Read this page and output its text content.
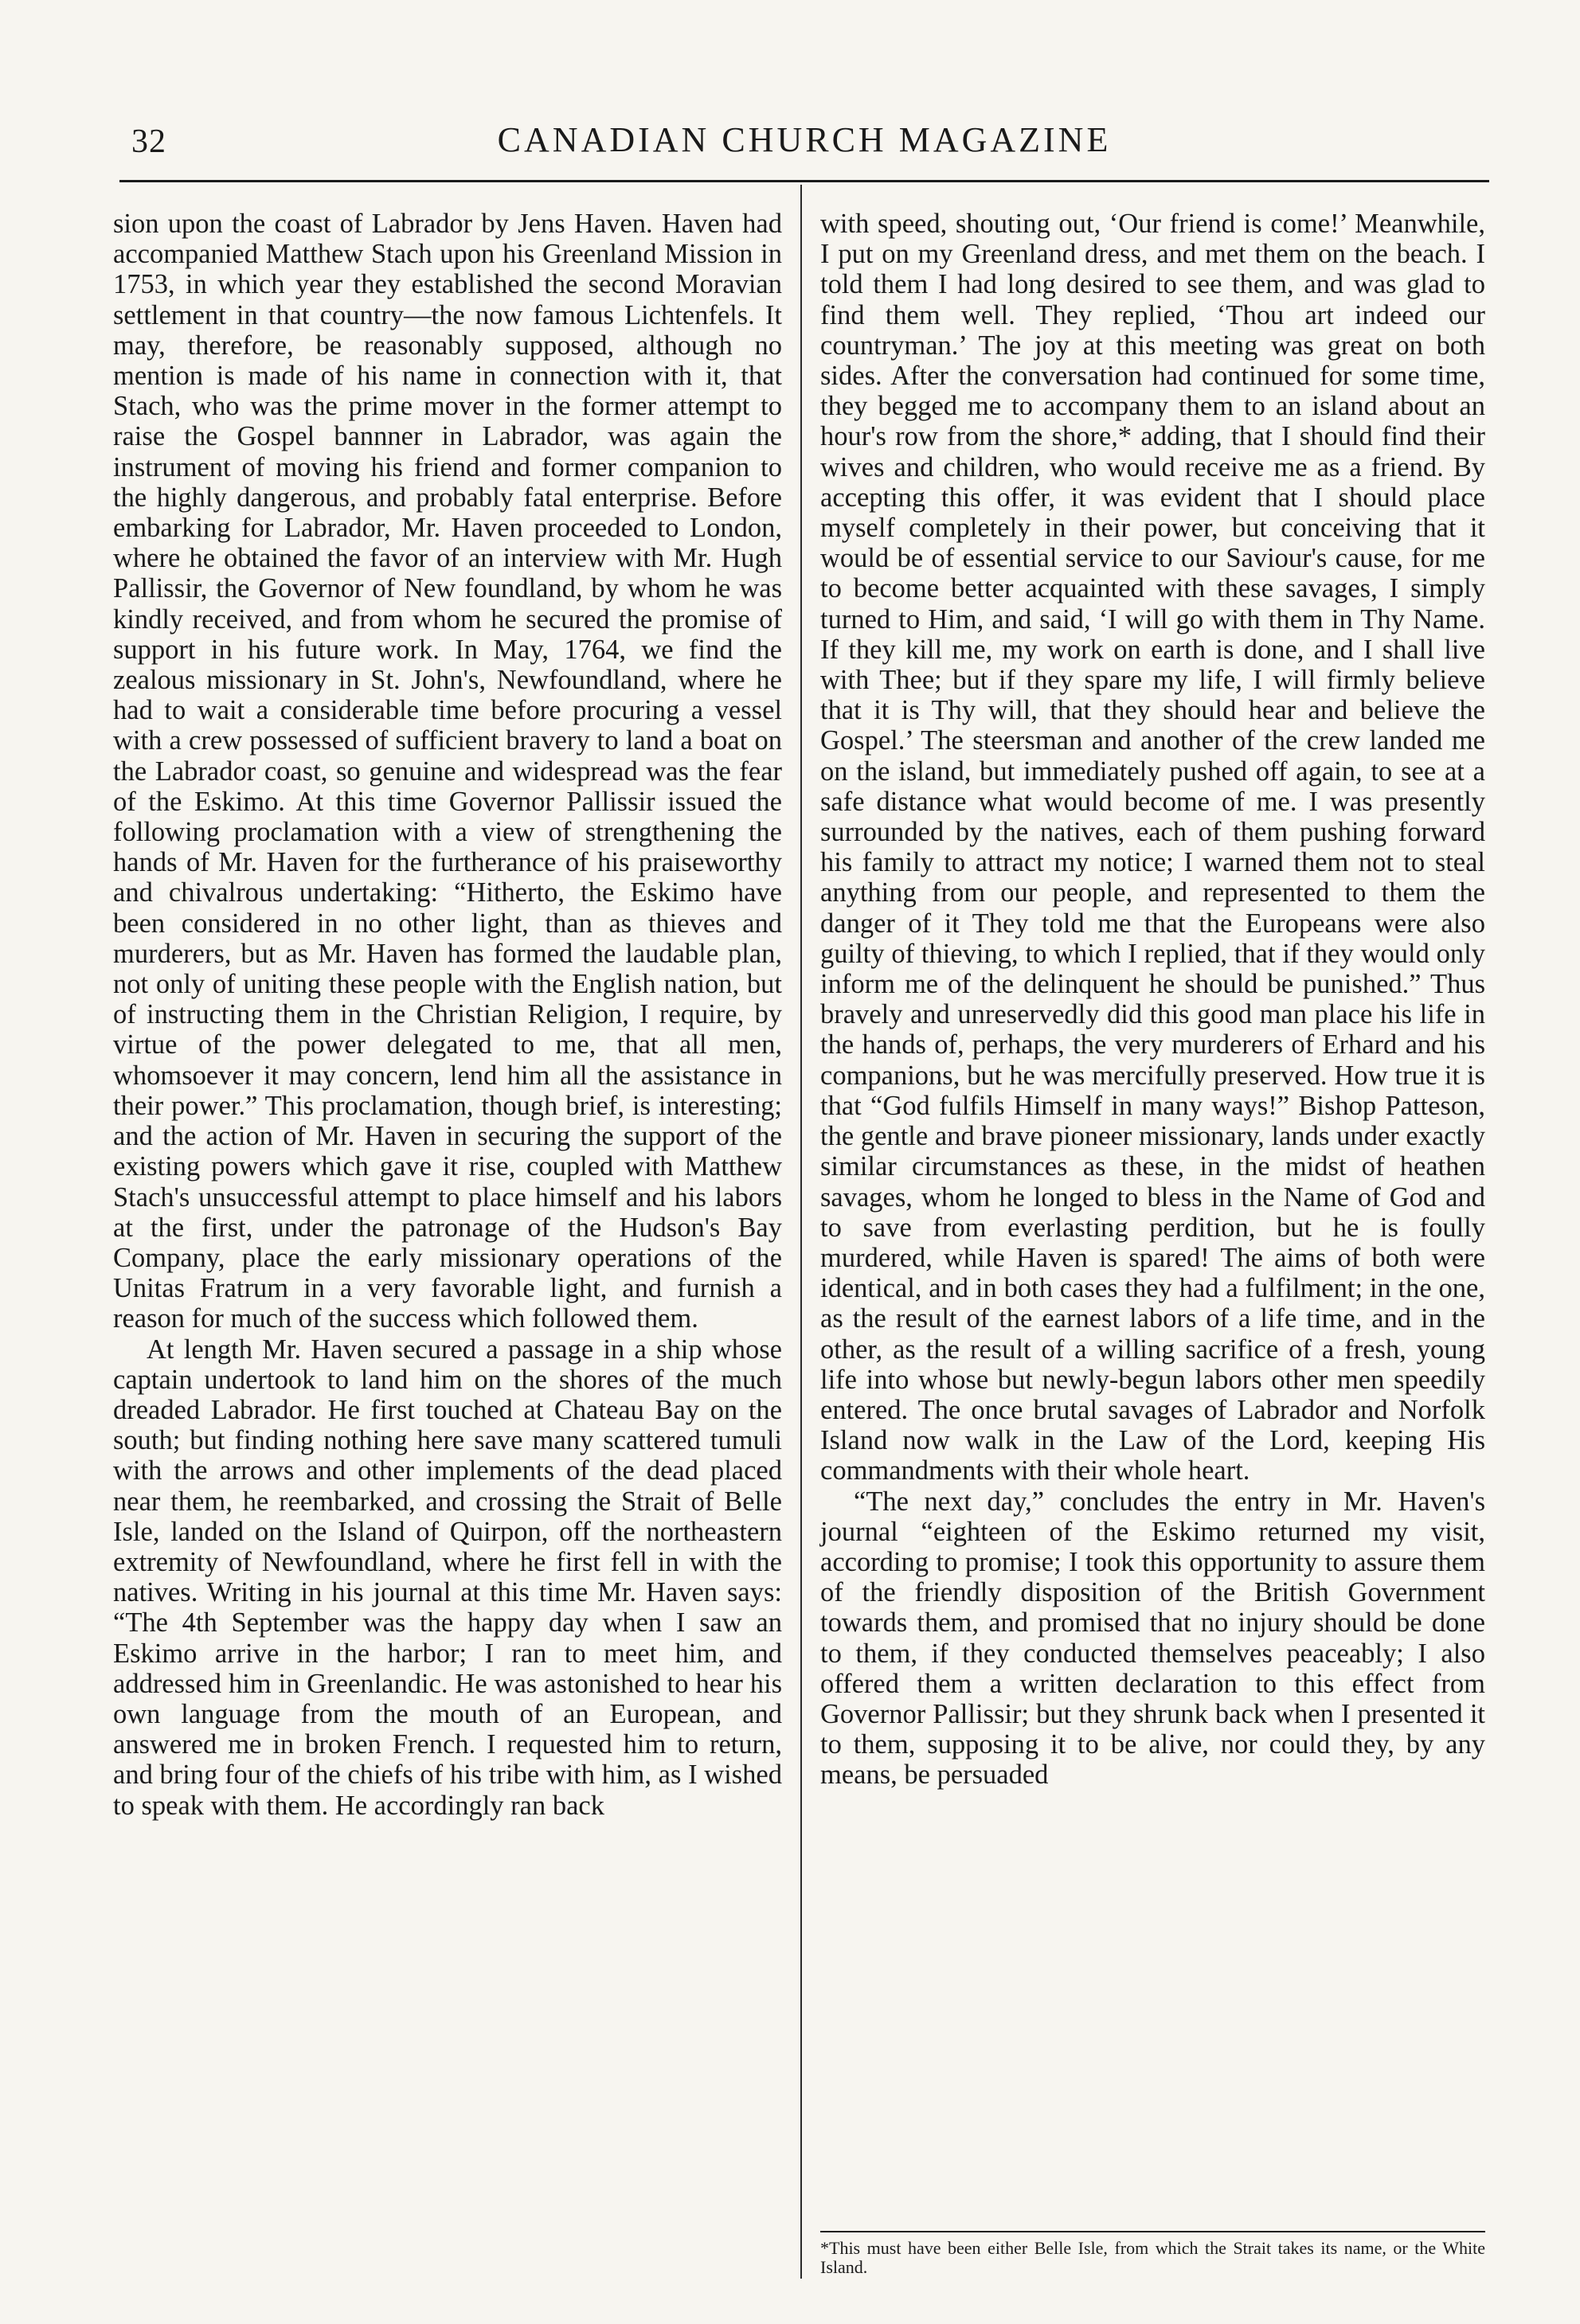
32	CANADIAN CHURCH MAGAZINE

sion upon the coast of Labrador by Jens Haven. Haven had accompanied Matthew Stach upon his Greenland Mission in 1753, in which year they established the second Moravian settlement in that country—the now famous Lichtenfels. It may, therefore, be reasonably supposed, although no mention is made of his name in connection with it, that Stach, who was the prime mover in the former attempt to raise the Gospel bannner in Labrador, was again the instrument of moving his friend and former companion to the highly dangerous, and probably fatal enterprise. Before embarking for Labrador, Mr. Haven proceeded to London, where he obtained the favor of an interview with Mr. Hugh Pallissir, the Governor of New foundland, by whom he was kindly received, and from whom he secured the promise of support in his future work. In May, 1764, we find the zealous missionary in St. John's, Newfoundland, where he had to wait a considerable time before procuring a vessel with a crew possessed of sufficient bravery to land a boat on the Labrador coast, so genuine and widespread was the fear of the Eskimo. At this time Governor Pallissir issued the following proclamation with a view of strengthening the hands of Mr. Haven for the furtherance of his praiseworthy and chivalrous undertaking: “Hitherto, the Eskimo have been considered in no other light, than as thieves and murderers, but as Mr. Haven has formed the laudable plan, not only of uniting these people with the English nation, but of instructing them in the Christian Religion, I require, by virtue of the power delegated to me, that all men, whomsoever it may concern, lend him all the assistance in their power.” This proclamation, though brief, is interesting; and the action of Mr. Haven in securing the support of the existing powers which gave it rise, coupled with Matthew Stach's unsuccessful attempt to place himself and his labors at the first, under the patronage of the Hudson's Bay Company, place the early missionary operations of the Unitas Fratrum in a very favorable light, and furnish a reason for much of the success which followed them.

At length Mr. Haven secured a passage in a ship whose captain undertook to land him on the shores of the much dreaded Labrador. He first touched at Chateau Bay on the south; but finding nothing here save many scattered tumuli with the arrows and other implements of the dead placed near them, he reembarked, and crossing the Strait of Belle Isle, landed on the Island of Quirpon, off the northeastern extremity of Newfoundland, where he first fell in with the natives. Writing in his journal at this time Mr. Haven says: “The 4th September was the happy day when I saw an Eskimo arrive in the harbor; I ran to meet him, and addressed him in Greenlandic. He was astonished to hear his own language from the mouth of an European, and answered me in broken French. I requested him to return, and bring four of the chiefs of his tribe with him, as I wished to speak with them. He accordingly ran back

with speed, shouting out, ‘Our friend is come!’ Meanwhile, I put on my Greenland dress, and met them on the beach. I told them I had long desired to see them, and was glad to find them well. They replied, ‘Thou art indeed our countryman.’ The joy at this meeting was great on both sides. After the conversation had continued for some time, they begged me to accompany them to an island about an hour's row from the shore,* adding, that I should find their wives and children, who would receive me as a friend. By accepting this offer, it was evident that I should place myself completely in their power, but conceiving that it would be of essential service to our Saviour's cause, for me to become better acquainted with these savages, I simply turned to Him, and said, ‘I will go with them in Thy Name. If they kill me, my work on earth is done, and I shall live with Thee; but if they spare my life, I will firmly believe that it is Thy will, that they should hear and believe the Gospel.’ The steersman and another of the crew landed me on the island, but immediately pushed off again, to see at a safe distance what would become of me. I was presently surrounded by the natives, each of them pushing forward his family to attract my notice; I warned them not to steal anything from our people, and represented to them the danger of it They told me that the Europeans were also guilty of thieving, to which I replied, that if they would only inform me of the delinquent he should be punished.” Thus bravely and unreservedly did this good man place his life in the hands of, perhaps, the very murderers of Erhard and his companions, but he was mercifully preserved. How true it is that “God fulfils Himself in many ways!” Bishop Patteson, the gentle and brave pioneer missionary, lands under exactly similar circumstances as these, in the midst of heathen savages, whom he longed to bless in the Name of God and to save from everlasting perdition, but he is foully murdered, while Haven is spared! The aims of both were identical, and in both cases they had a fulfilment; in the one, as the result of the earnest labors of a life time, and in the other, as the result of a willing sacrifice of a fresh, young life into whose but newly-begun labors other men speedily entered. The once brutal savages of Labrador and Norfolk Island now walk in the Law of the Lord, keeping His commandments with their whole heart.

“The next day,” concludes the entry in Mr. Haven's journal “eighteen of the Eskimo returned my visit, according to promise; I took this opportunity to assure them of the friendly disposition of the British Government towards them, and promised that no injury should be done to them, if they conducted themselves peaceably; I also offered them a written declaration to this effect from Governor Pallissir; but they shrunk back when I presented it to them, supposing it to be alive, nor could they, by any means, be persuaded

*This must have been either Belle Isle, from which the Strait takes its name, or the White Island.
